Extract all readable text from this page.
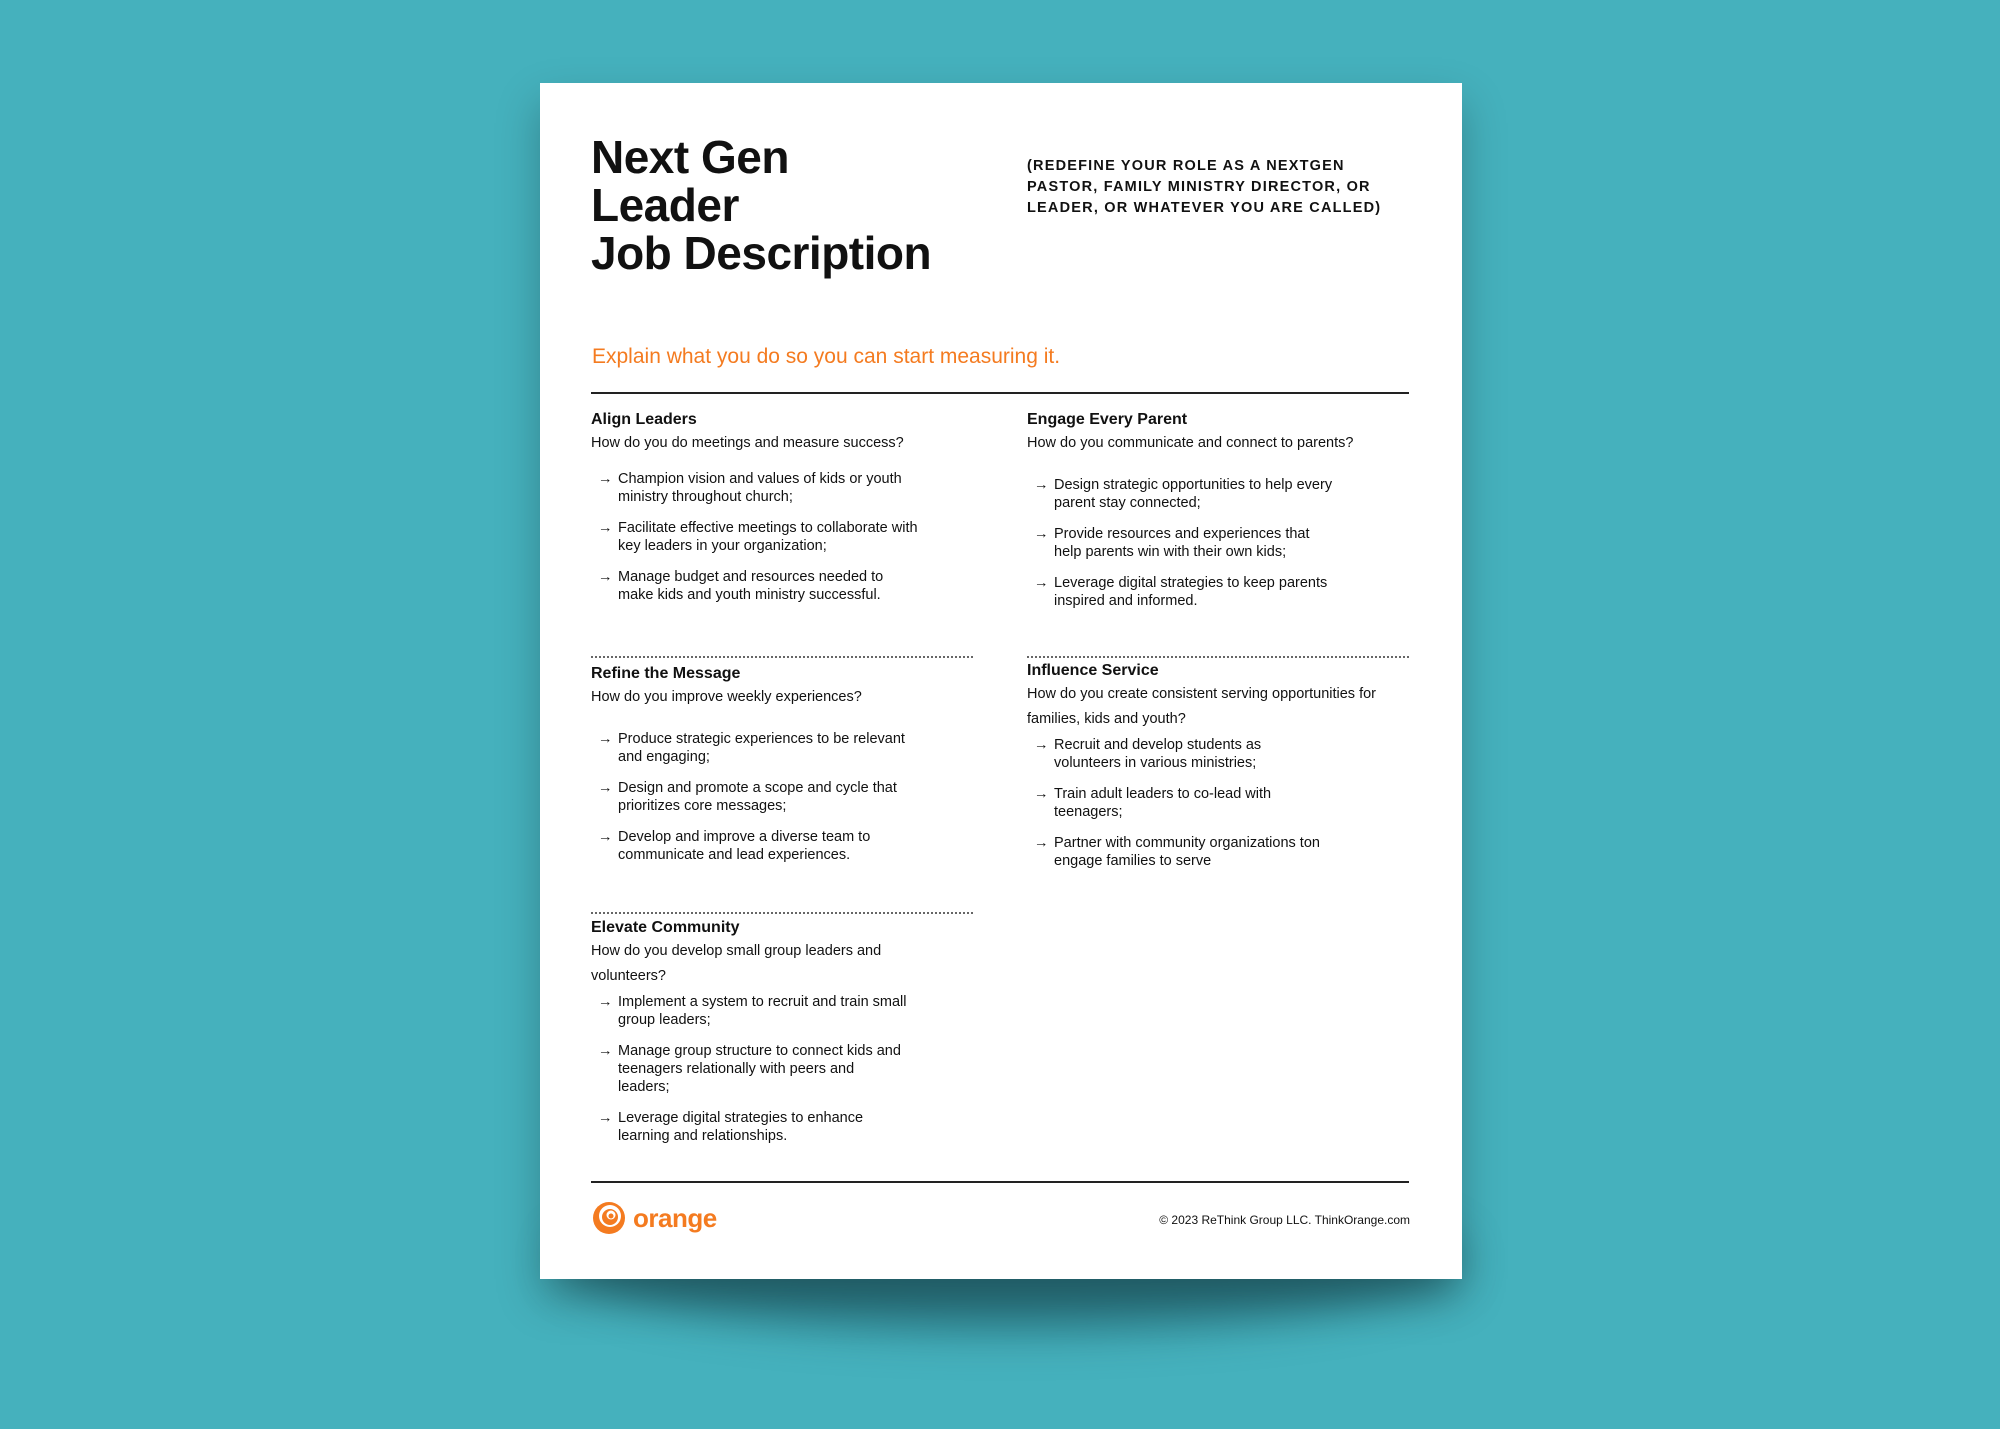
Next Gen
Leader
Job Description
(REDEFINE YOUR ROLE AS A NEXTGEN PASTOR, FAMILY MINISTRY DIRECTOR, OR LEADER, OR WHATEVER YOU ARE CALLED)
Explain what you do so you can start measuring it.
Align Leaders

How do you do meetings and measure success?

→ Champion vision and values of kids or youth ministry throughout church;
→ Facilitate effective meetings to collaborate with key leaders in your organization;
→ Manage budget and resources needed to make kids and youth ministry successful.
Refine the Message

How do you improve weekly experiences?

→ Produce strategic experiences to be relevant and engaging;
→ Design and promote a scope and cycle that prioritizes core messages;
→ Develop and improve a diverse team to communicate and lead experiences.
Elevate Community

How do you develop small group leaders and volunteers?

→ Implement a system to recruit and train small group leaders;
→ Manage group structure to connect kids and teenagers relationally with peers and leaders;
→ Leverage digital strategies to enhance learning and relationships.
Engage Every Parent

How do you communicate and connect to parents?

→ Design strategic opportunities to help every parent stay connected;
→ Provide resources and experiences that help parents win with their own kids;
→ Leverage digital strategies to keep parents inspired and informed.
Influence Service

How do you create consistent serving opportunities for families, kids and youth?

→ Recruit and develop students as volunteers in various ministries;
→ Train adult leaders to co-lead with teenagers;
→ Partner with community organizations ton engage families to serve
orange	© 2023 ReThink Group LLC. ThinkOrange.com
